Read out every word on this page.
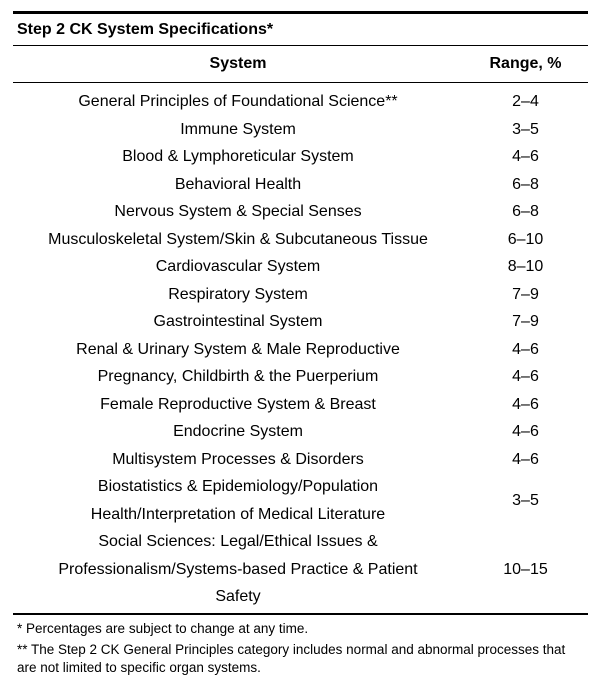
Step 2 CK System Specifications*
System	Range, %

General Principles of Foundational Science**	2–4
Immune System	3–5
Blood & Lymphoreticular System	4–6
Behavioral Health	6–8
Nervous System & Special Senses	6–8
Musculoskeletal System/Skin & Subcutaneous Tissue	6–10
Cardiovascular System	8–10
Respiratory System	7–9
Gastrointestinal System	7–9
Renal & Urinary System & Male Reproductive	4–6
Pregnancy, Childbirth & the Puerperium	4–6
Female Reproductive System & Breast	4–6
Endocrine System	4–6
Multisystem Processes & Disorders	4–6
Biostatistics & Epidemiology/Population Health/Interpretation of Medical Literature	3–5
Social Sciences: Legal/Ethical Issues & Professionalism/Systems-based Practice & Patient Safety	10–15
* Percentages are subject to change at any time.
** The Step 2 CK General Principles category includes normal and abnormal processes that are not limited to specific organ systems.
